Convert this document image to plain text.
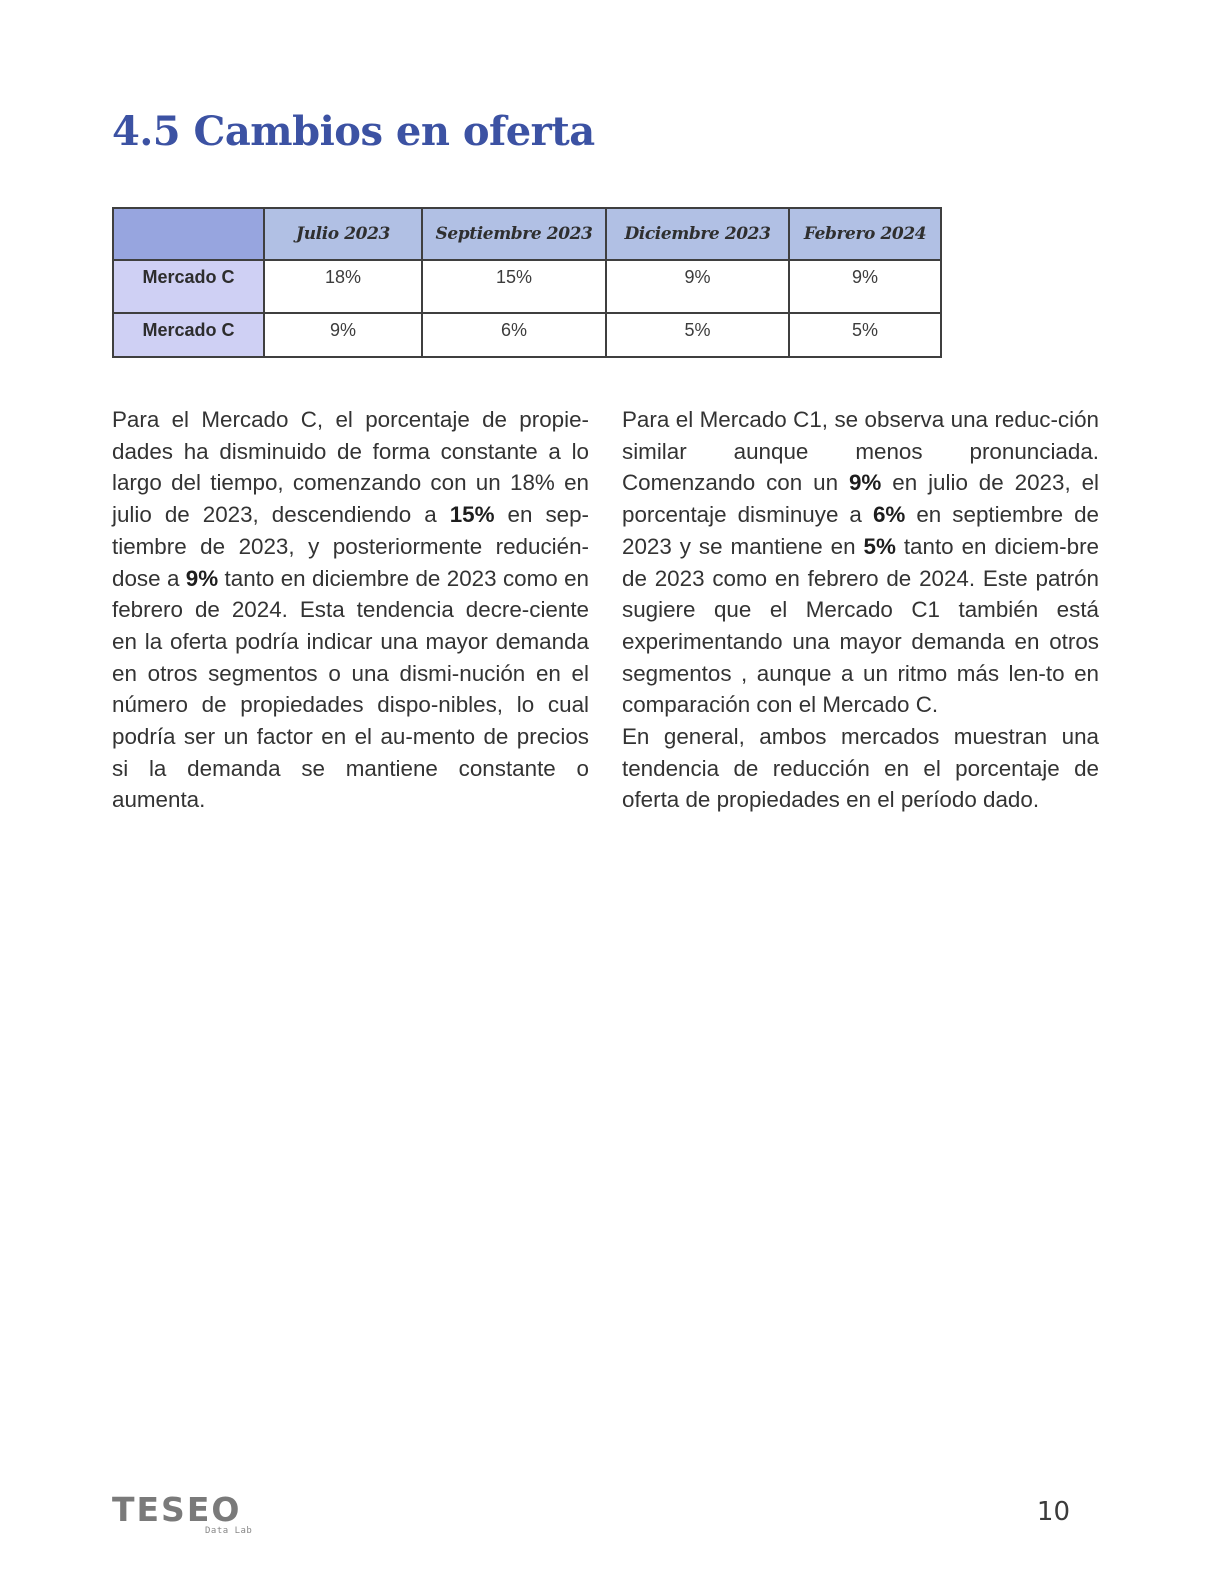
4.5 Cambios en oferta
	Julio 2023	Septiembre 2023	Diciembre 2023	Febrero 2024
Mercado C	18%	15%	9%	9%
Mercado C	9%	6%	5%	5%

Para el Mercado C, el porcentaje de propie-dades ha disminuido de forma constante a lo largo del tiempo, comenzando con un 18% en julio de 2023, descendiendo a 15% en sep-tiembre de 2023, y posteriormente reducién-dose a 9% tanto en diciembre de 2023 como en febrero de 2024. Esta tendencia decre-ciente en la oferta podría indicar una mayor demanda en otros segmentos o una dismi-nución en el número de propiedades dispo-nibles, lo cual podría ser un factor en el au-mento de precios si la demanda se mantiene constante o aumenta.

Para el Mercado C1, se observa una reduc-ción similar aunque menos pronunciada. Comenzando con un 9% en julio de 2023, el porcentaje disminuye a 6% en septiembre de 2023 y se mantiene en 5% tanto en diciem-bre de 2023 como en febrero de 2024. Este patrón sugiere que el Mercado C1 también está experimentando una mayor demanda en otros segmentos , aunque a un ritmo más len-to en comparación con el Mercado C.

En general, ambos mercados muestran una tendencia de reducción en el porcentaje de oferta de propiedades en el período dado.

TESEO
Data Lab
10
